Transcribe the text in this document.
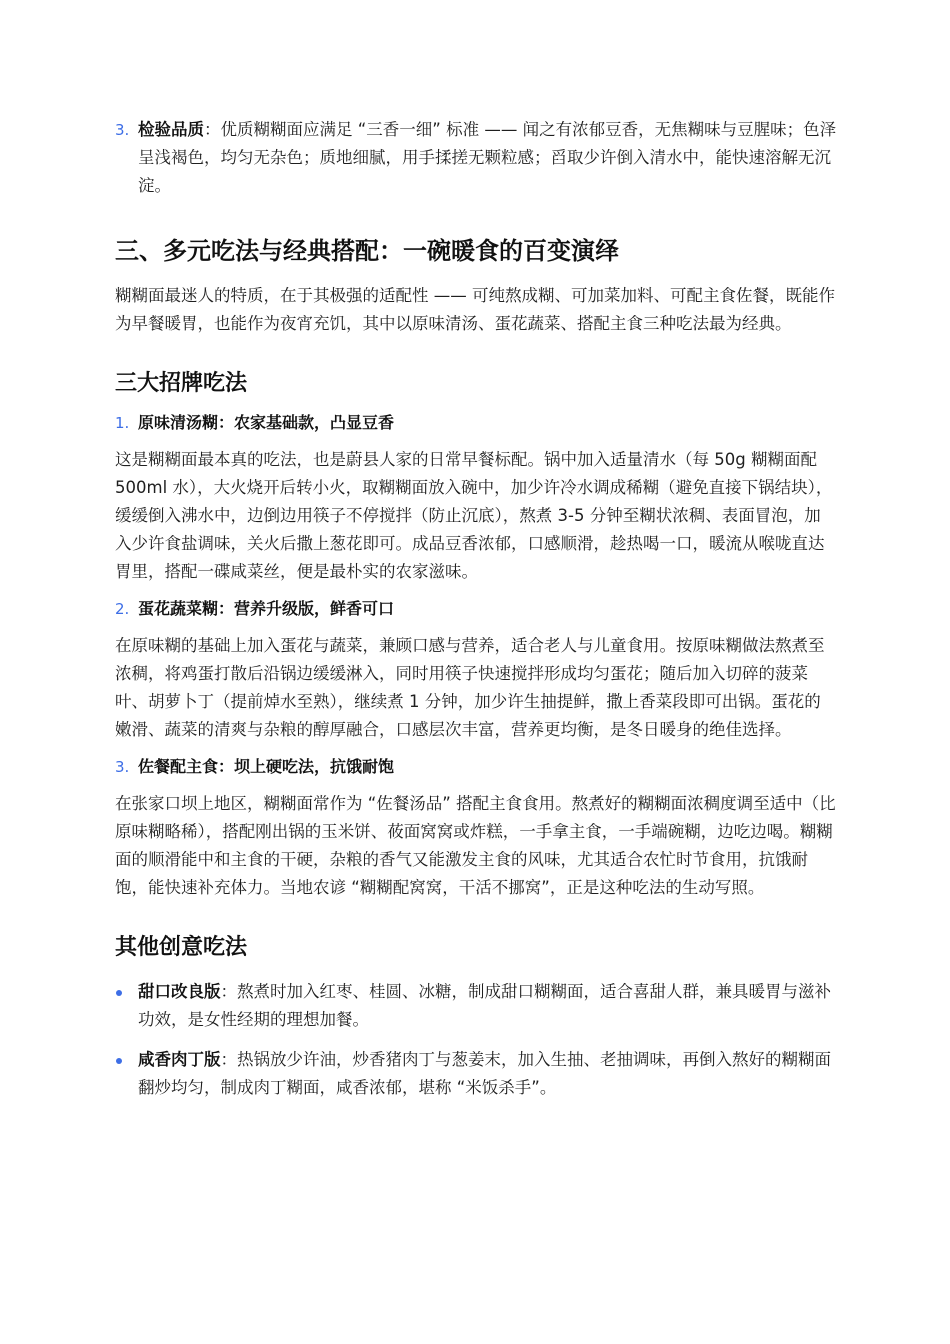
3. 检验品质：优质糊糊面应满足 “三香一细” 标准 —— 闻之有浓郁豆香，无焦糊味与豆腥味；色泽呈浅褐色，均匀无杂色；质地细腻，用手揉搓无颗粒感；舀取少许倒入清水中，能快速溶解无沉淀。
三、多元吃法与经典搭配：一碗暖食的百变演绎

糊糊面最迷人的特质，在于其极强的适配性 —— 可纯熬成糊、可加菜加料、可配主食佐餐，既能作为早餐暖胃，也能作为夜宵充饥，其中以原味清汤、蛋花蔬菜、搭配主食三种吃法最为经典。

三大招牌吃法
1. 原味清汤糊：农家基础款，凸显豆香

这是糊糊面最本真的吃法，也是蔚县人家的日常早餐标配。锅中加入适量清水（每 50g 糊糊面配 500ml 水），大火烧开后转小火，取糊糊面放入碗中，加少许冷水调成稀糊（避免直接下锅结块），缓缓倒入沸水中，边倒边用筷子不停搅拌（防止沉底），熬煮 3-5 分钟至糊状浓稠、表面冒泡，加入少许食盐调味，关火后撒上葱花即可。成品豆香浓郁，口感顺滑，趁热喝一口，暖流从喉咙直达胃里，搭配一碟咸菜丝，便是最朴实的农家滋味。

2. 蛋花蔬菜糊：营养升级版，鲜香可口

在原味糊的基础上加入蛋花与蔬菜，兼顾口感与营养，适合老人与儿童食用。按原味糊做法熬煮至浓稠，将鸡蛋打散后沿锅边缓缓淋入，同时用筷子快速搅拌形成均匀蛋花；随后加入切碎的菠菜叶、胡萝卜丁（提前焯水至熟），继续煮 1 分钟，加少许生抽提鲜，撒上香菜段即可出锅。蛋花的嫩滑、蔬菜的清爽与杂粮的醇厚融合，口感层次丰富，营养更均衡，是冬日暖身的绝佳选择。

3. 佐餐配主食：坝上硬吃法，抗饿耐饱

在张家口坝上地区，糊糊面常作为 “佐餐汤品” 搭配主食食用。熬煮好的糊糊面浓稠度调至适中（比原味糊略稀），搭配刚出锅的玉米饼、莜面窝窝或炸糕，一手拿主食，一手端碗糊，边吃边喝。糊糊面的顺滑能中和主食的干硬，杂粮的香气又能激发主食的风味，尤其适合农忙时节食用，抗饿耐饱，能快速补充体力。当地农谚 “糊糊配窝窝，干活不挪窝”，正是这种吃法的生动写照。

其他创意吃法
甜口改良版：熬煮时加入红枣、桂圆、冰糖，制成甜口糊糊面，适合喜甜人群，兼具暖胃与滋补功效，是女性经期的理想加餐。
咸香肉丁版：热锅放少许油，炒香猪肉丁与葱姜末，加入生抽、老抽调味，再倒入熬好的糊糊面翻炒均匀，制成肉丁糊面，咸香浓郁，堪称 “米饭杀手”。
